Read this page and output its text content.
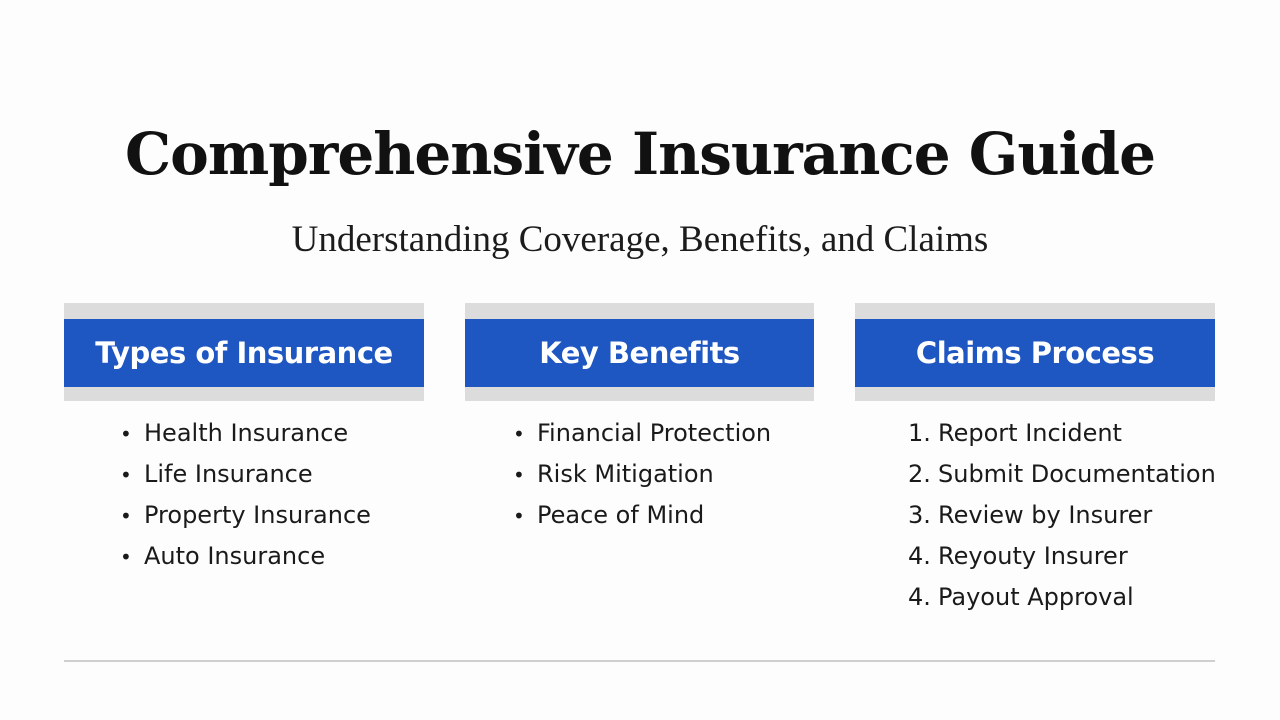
Comprehensive Insurance Guide
Understanding Coverage, Benefits, and Claims
Types of Insurance
• Health Insurance
• Life Insurance
• Property Insurance
• Auto Insurance
Key Benefits
• Financial Protection
• Risk Mitigation
• Peace of Mind
Claims Process
1. Report Incident
2. Submit Documentation
3. Review by Insurer
4. Reyouty Insurer
4. Payout Approval
